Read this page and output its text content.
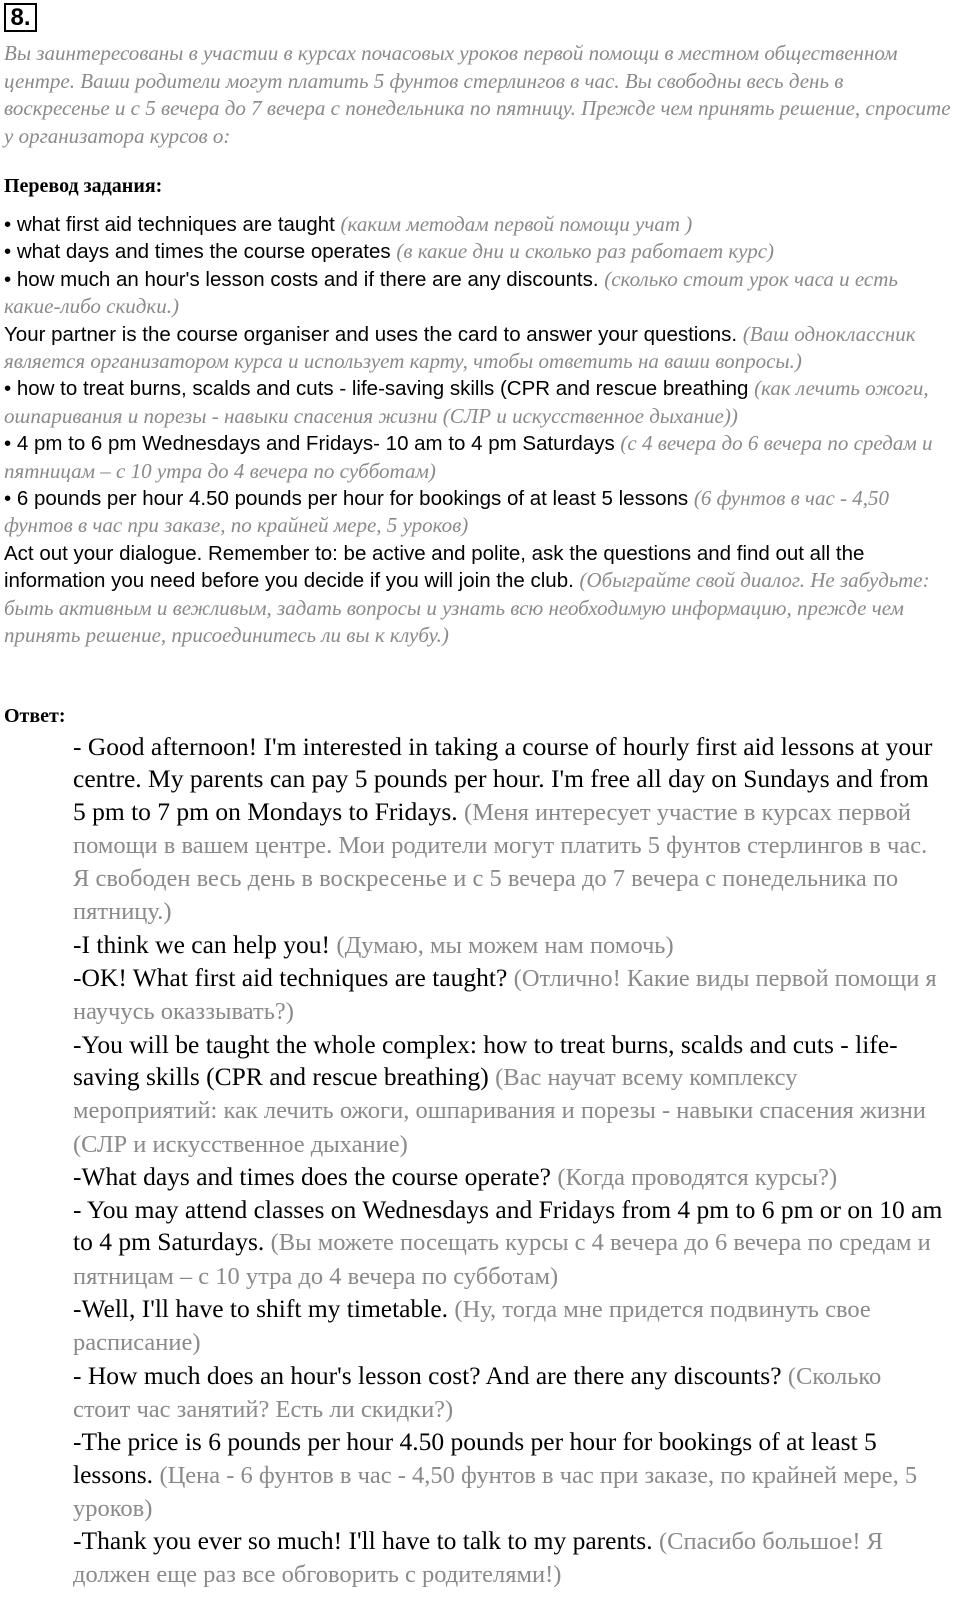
8.

Вы заинтересованы в участии в курсах почасовых уроков первой помощи в местном общественном центре. Ваши родители могут платить 5 фунтов стерлингов в час. Вы свободны весь день в воскресенье и с 5 вечера до 7 вечера с понедельника по пятницу. Прежде чем принять решение, спросите у организатора курсов о:

Перевод задания:

• what first aid techniques are taught (каким методам первой помощи учат )

• what days and times the course operates (в какие дни и сколько раз работает курс)

• how much an hour's lesson costs and if there are any discounts. (сколько стоит урок часа и есть какие-либо скидки.)

Your partner is the course organiser and uses the card to answer your questions. (Ваш одноклассник является организатором курса и использует карту, чтобы ответить на ваши вопросы.)

• how to treat burns, scalds and cuts - life-saving skills (CPR and rescue breathing (как лечить ожоги, ошпаривания и порезы - навыки спасения жизни (СЛР и искусственное дыхание))

• 4 pm to 6 pm Wednesdays and Fridays- 10 am to 4 pm Saturdays (с 4 вечера до 6 вечера по средам и пятницам – с 10 утра до 4 вечера по субботам)

• 6 pounds per hour 4.50 pounds per hour for bookings of at least 5 lessons (6 фунтов в час - 4,50 фунтов в час при заказе, по крайней мере, 5 уроков)

Act out your dialogue. Remember to: be active and polite, ask the questions and find out all the information you need before you decide if you will join the club. (Обыграйте свой диалог. Не забудьте: быть активным и вежливым, задать вопросы и узнать всю необходимую информацию, прежде чем принять решение, присоединитесь ли вы к клубу.)

Ответ:

- Good afternoon! I'm interested in taking a course of hourly first aid lessons at your centre. My parents can pay 5 pounds per hour. I'm free all day on Sundays and from 5 pm to 7 pm on Mondays to Fridays. (Меня интересует участие в курсах первой помощи в вашем центре. Мои родители могут платить 5 фунтов стерлингов в час. Я свободен весь день в воскресенье и с 5 вечера до 7 вечера с понедельника по пятницу.)

-I think we can help you! (Думаю, мы можем нам помочь)

-OK! What first aid techniques are taught? (Отлично! Какие виды первой помощи я научусь оказзывать?)

-You will be taught the whole complex: how to treat burns, scalds and cuts - life-saving skills (CPR and rescue breathing) (Вас научат всему комплексу мероприятий: как лечить ожоги, ошпаривания и порезы - навыки спасения жизни (СЛР и искусственное дыхание)

-What days and times does the course operate? (Когда проводятся курсы?)

- You may attend classes on Wednesdays and Fridays from 4 pm to 6 pm or on 10 am to 4 pm Saturdays. (Вы можете посещать курсы с 4 вечера до 6 вечера по средам и пятницам – с 10 утра до 4 вечера по субботам)

-Well, I'll have to shift my timetable. (Ну, тогда мне придется подвинуть свое расписание)

- How much does an hour's lesson cost? And are there any discounts? (Сколько стоит час занятий? Есть ли скидки?)

-The price is 6 pounds per hour 4.50 pounds per hour for bookings of at least 5 lessons. (Цена - 6 фунтов в час - 4,50 фунтов в час при заказе, по крайней мере, 5 уроков)

-Thank you ever so much! I'll have to talk to my parents. (Спасибо большое! Я должен еще раз все обговорить с родителями!)
